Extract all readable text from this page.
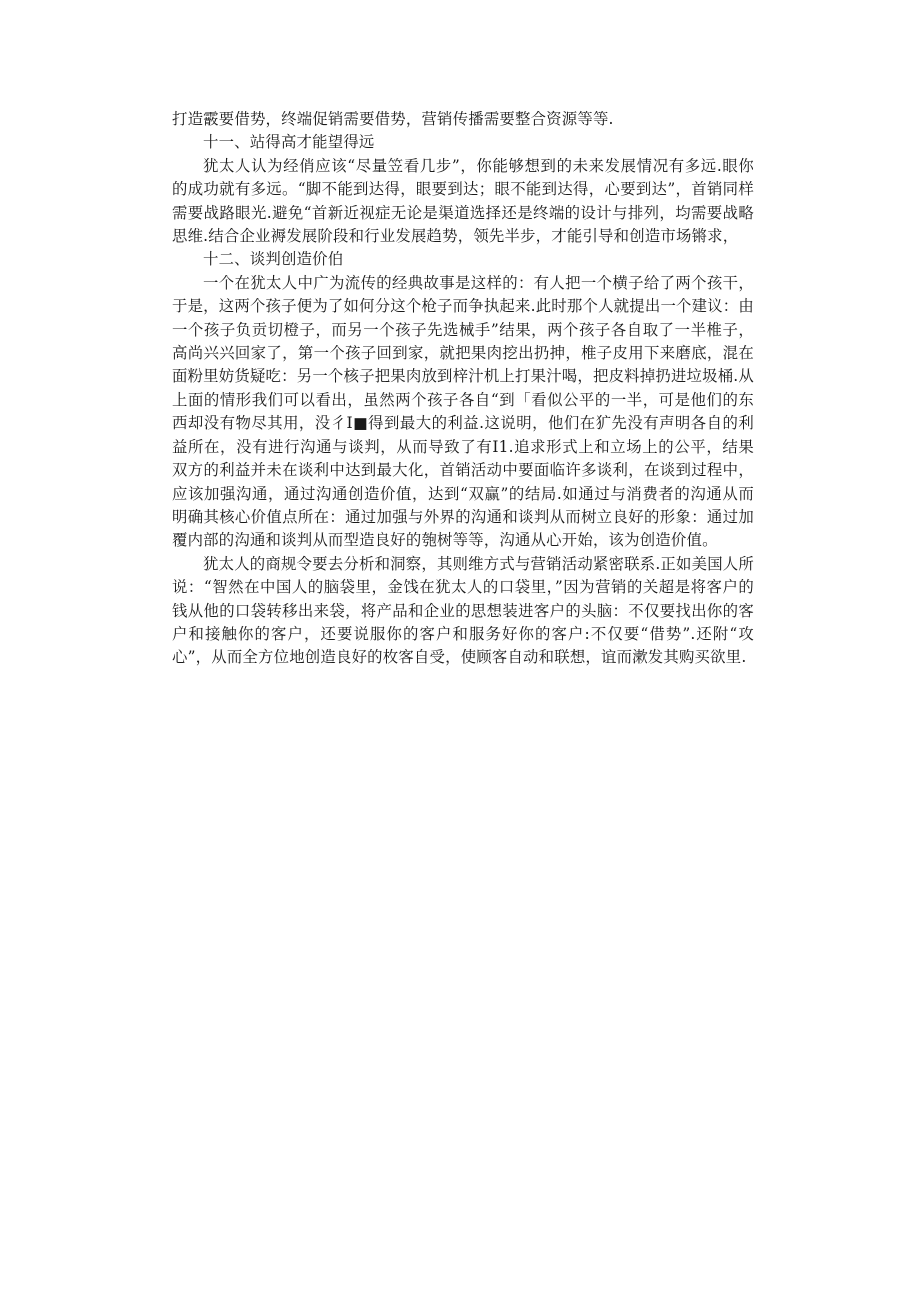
打造霰要借势，终端促销需要借势，营销传播需要整合资源等等.

十一、站得高才能望得远

犹太人认为经俏应该“尽量笠看几步”，你能够想到的未来发展情况有多远.眼你的成功就有多远。“脚不能到达得，眼要到达；眼不能到达得，心要到达”，首销同样需要战路眼光.避免“首新近视症无论是渠道选择还是终端的设计与排列，均需要战略思维.结合企业褥发展阶段和行业发展趋势，领先半步，才能引导和创造市场锵求，

十二、谈判创造价伯

一个在犹太人中广为流传的经典故事是这样的：有人把一个横子给了两个孩干，于是，这两个孩子便为了如何分这个枪子而争执起来.此时那个人就提出一个建议：由一个孩子负贡切橙子，而另一个孩子先选械手”结果，两个孩子各自取了一半椎子，高尚兴兴回家了，第一个孩子回到家，就把果肉挖出扔抻，椎子皮用下来磨底，混在面粉里妨货疑吃：另一个核子把果肉放到梓汁机上打果汁喝，把皮料掉扔进垃圾桶.从上面的情形我们可以看出，虽然两个孩子各自“到「看似公平的一半，可是他们的东西却没有物尽其用，没彳I■得到最大的利益.这说明，他们在犷先没有声明各自的利益所在，没有进行沟通与谈判，从而导致了有I1.追求形式上和立场上的公平，结果双方的利益并未在谈利中达到最大化，首销活动中要面临许多谈利，在谈到过程中，应该加强沟通，通过沟通创造价值，达到“双赢”的结局.如通过与消费者的沟通从而明确其核心价值点所在：通过加强与外界的沟通和谈判从而树立良好的形象：通过加覆内部的沟通和谈判从而型造良好的匏树等等，沟通从心开始，该为创造价值。

犹太人的商规令要去分析和洞察，其则维方式与营销活动紧密联系.正如美国人所说：“智然在中国人的脑袋里，金饯在犹太人的口袋里，”因为营销的关超是将客户的钱从他的口袋转移出来袋，将产品和企业的思想装进客户的头脑：不仅要找出你的客户和接触你的客户，还要说服你的客户和服务好你的客户:不仅要“借势”.还附“攻心”，从而全方位地创造良好的枚客自受，使顾客自动和联想，谊而漱发其购买欲里.
